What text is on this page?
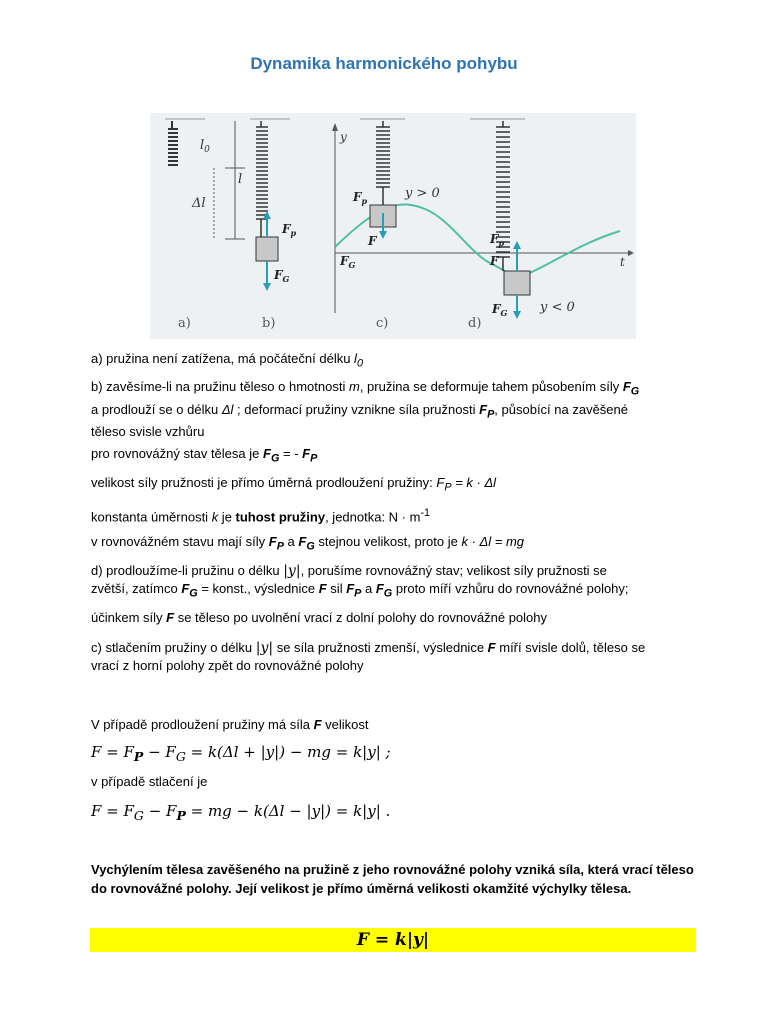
Dynamika harmonického pohybu
$l_0$
l
Δl
$F_p$
$F_G$
y
t
$F_p$
F
$F_G$
y > 0
$F_p$
F
$F_G$	y < 0
a)	b)	c)	d)
a) pružina není zatížena, má počáteční délku $l_0$
b) zavěsíme-li na pružinu těleso o hmotnosti m, pružina se deformuje tahem působením síly $F_G$
a prodlouží se o délku Δl ; deformací pružiny vznikne síla pružnosti $F_P$, působící na zavěšené
těleso svisle vzhůru
pro rovnovážný stav tělesa je $F_G$ = - $F_P$
velikost síly pružnosti je přímo úměrná prodloužení pružiny: $F_P = k \cdot \Delta l$
konstanta úměrnosti k je tuhost pružiny, jednotka: $N \cdot m^{-1}$
v rovnovážném stavu mají síly $F_P$ a $F_G$ stejnou velikost, proto je k · Δl = mg
d) prodloužíme-li pružinu o délku |y|, porušíme rovnovážný stav; velikost síly pružnosti se
zvětší, zatímco $F_G$ = konst., výslednice F sil $F_P$ a $F_G$ proto míří vzhůru do rovnovážné polohy;
účinkem síly F se těleso po uvolnění vrací z dolní polohy do rovnovážné polohy
c) stlačením pružiny o délku |y| se síla pružnosti zmenší, výslednice F míří svisle dolů, těleso se
vrací z horní polohy zpět do rovnovážné polohy
V případě prodloužení pružiny má síla F velikost
$F = F_P - F_G = k(\Delta l + |y|)$ − mg = k|y| ;
v případě stlačení je
$F = F_G - F_P$ = mg − k(Δl − |y|) = k|y| .
Vychýlením tělesa zavěšeného na pružině z jeho rovnovážné polohy vzniká síla, která vrací těleso do rovnovážné polohy. Její velikost je přímo úměrná velikosti okamžité výchylky tělesa.
F = k|y|
